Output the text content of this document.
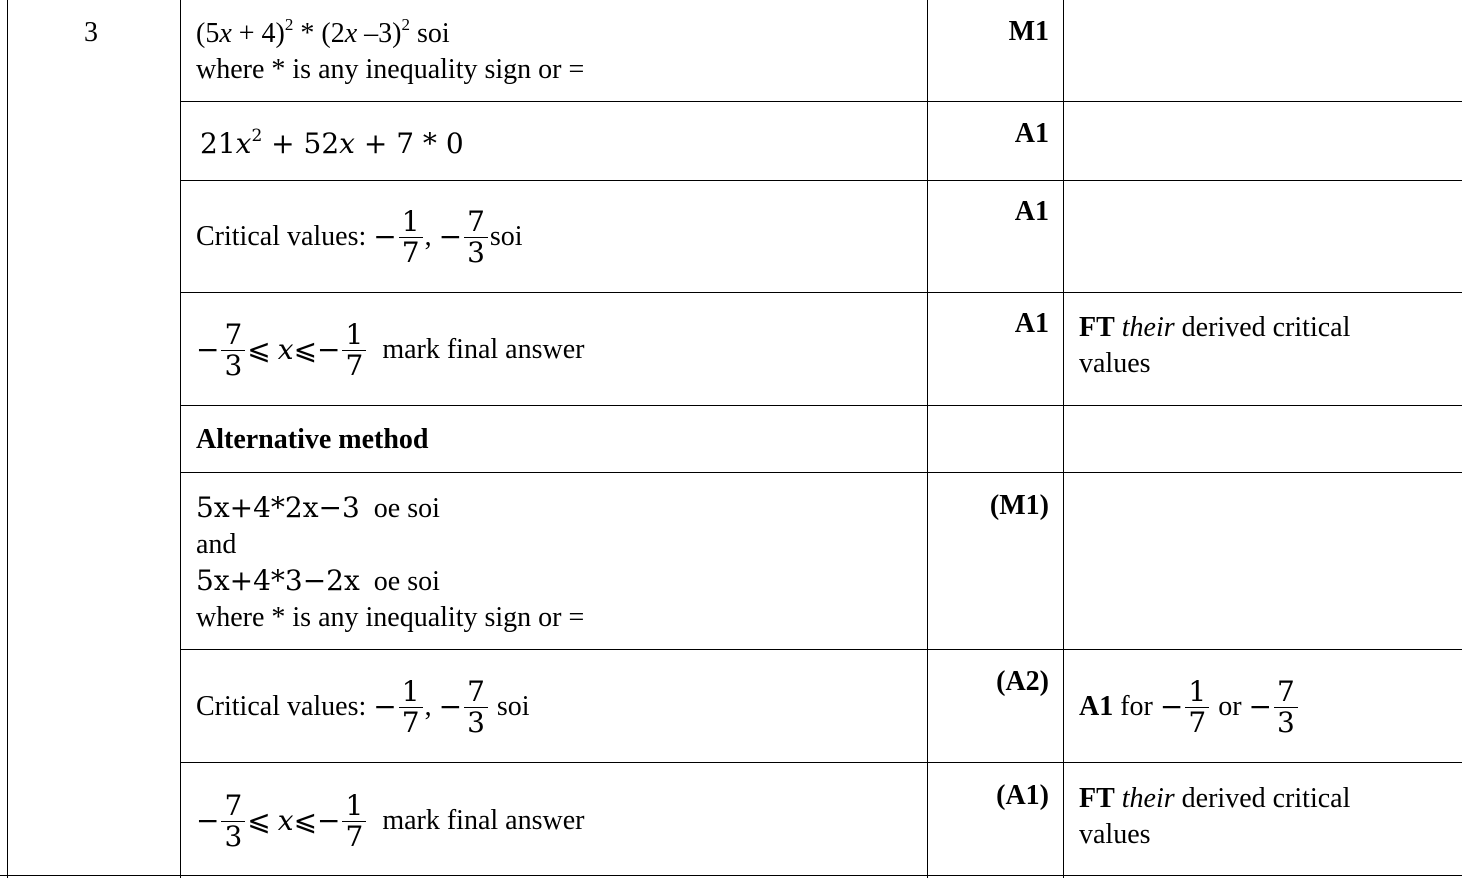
3	$(5x + 4)^2 * (2x$ –3)$^2$ soi
where * is any inequality sign or =
M1
$21x^2 + 52x + 7 * 0$	A1
Critical values:
− $\frac{1}{7}$ , − $\frac{7}{3}$ soi
A1
− $\frac{7}{3}$ ⩽
x ⩽− $\frac{1}{7}$
mark final answer
A1 FT their derived critical
values
Alternative method
5x+4*2x−3 oe soi
and
5x+4*3−2x oe soi
where * is any inequality sign or =
(M1)
Critical values:
− $\frac{1}{7}$ , − $\frac{7}{3}$
soi
(A2)
A1
for
− $\frac{1}{7}$
or
− $\frac{7}{3}$
− $\frac{7}{3}$ ⩽
x ⩽− $\frac{1}{7}$
mark final answer
(A1) FT their derived critical
values
